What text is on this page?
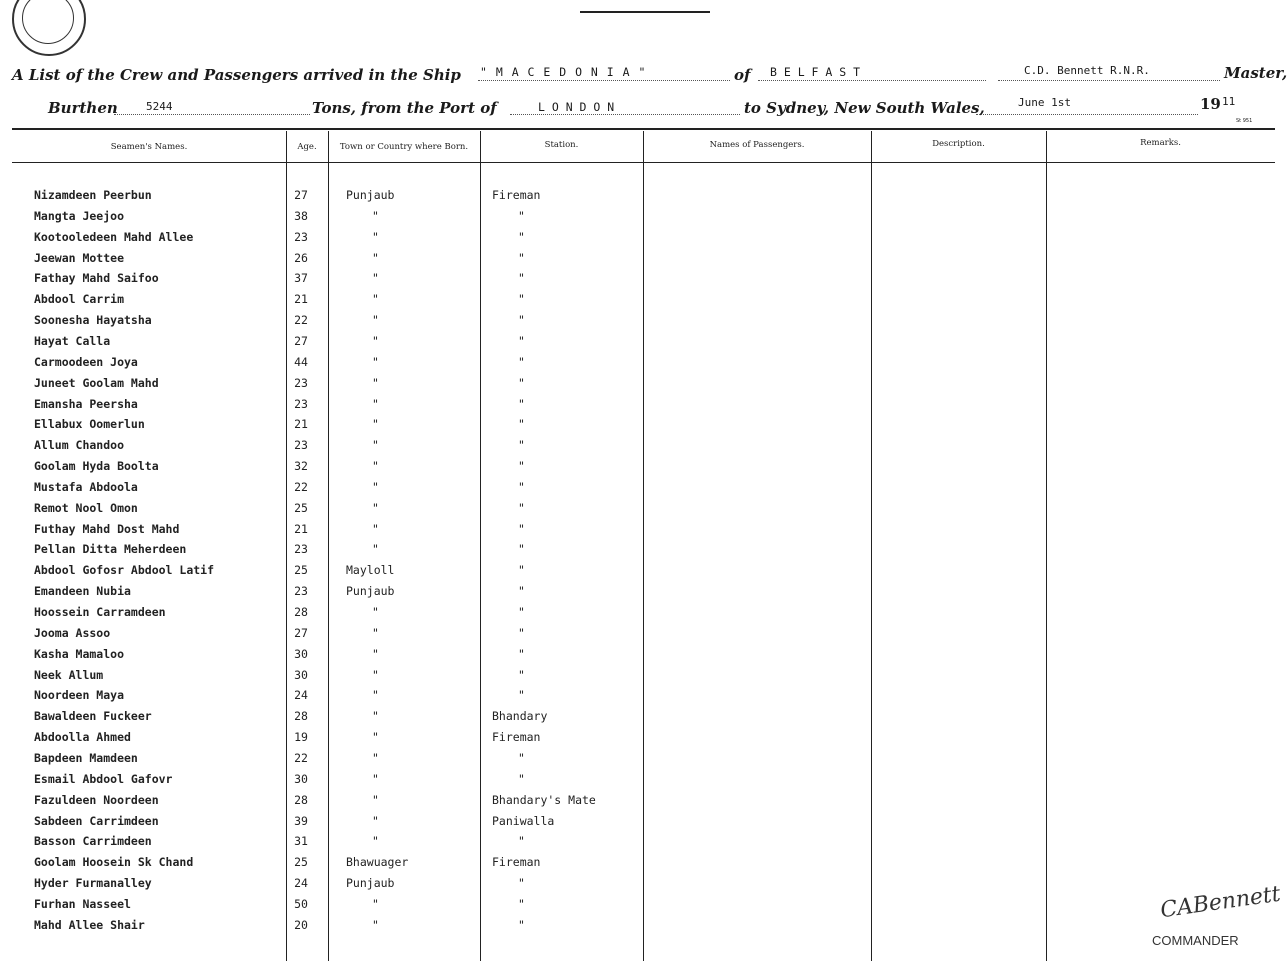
A List of the Crew and Passengers arrived in the Ship " M A C E D O N I A "	of B E L F A S T	C.D. Bennett R.N.R.	Master,
Burthen	5244	Tons, from the Port of	L O N D O N	to Sydney, New South Wales,	June 1st	19 11
St 951
Seamen's Names.	Age.	Town or Country where Born.	Station.	Names of Passengers.	Description.	Remarks.
Nizamdeen Peerbun	27	Punjaub	Fireman
Mangta Jeejoo	38	"	"
Kootooledeen Mahd Allee	23	"	"
Jeewan Mottee	26	"	"
Fathay Mahd Saifoo	37	"	"
Abdool Carrim	21	"	"
Soonesha Hayatsha	22	"	"
Hayat Calla	27	"	"
Carmoodeen Joya	44	"	"
Juneet Goolam Mahd	23	"	"
Emansha Peersha	23	"	"
Ellabux Oomerlun	21	"	"
Allum Chandoo	23	"	"
Goolam Hyda Boolta	32	"	"
Mustafa Abdoola	22	"	"
Remot Nool Omon	25	"	"
Futhay Mahd Dost Mahd	21	"	"
Pellan Ditta Meherdeen	23	"	"
Abdool Gofosr Abdool Latif	25	Mayloll	"
Emandeen Nubia	23	Punjaub	"
Hoossein Carramdeen	28	"	"
Jooma Assoo	27	"	"
Kasha Mamaloo	30	"	"
Neek Allum	30	"	"
Noordeen Maya	24	"	"
Bawaldeen Fuckeer	28	"	Bhandary
Abdoolla Ahmed	19	"	Fireman
Bapdeen Mamdeen	22	"	"
Esmail Abdool Gafovr	30	"	"
Fazuldeen Noordeen	28	"	Bhandary's Mate
Sabdeen Carrimdeen	39	"	Paniwalla
Basson Carrimdeen	31	"	"
Goolam Hoosein Sk Chand	25	Bhawuager	Fireman
Hyder Furmanalley	24	Punjaub	"
Furhan Nasseel	50	"	"
Mahd Allee Shair	20	"	"
CABennett
COMMANDER
